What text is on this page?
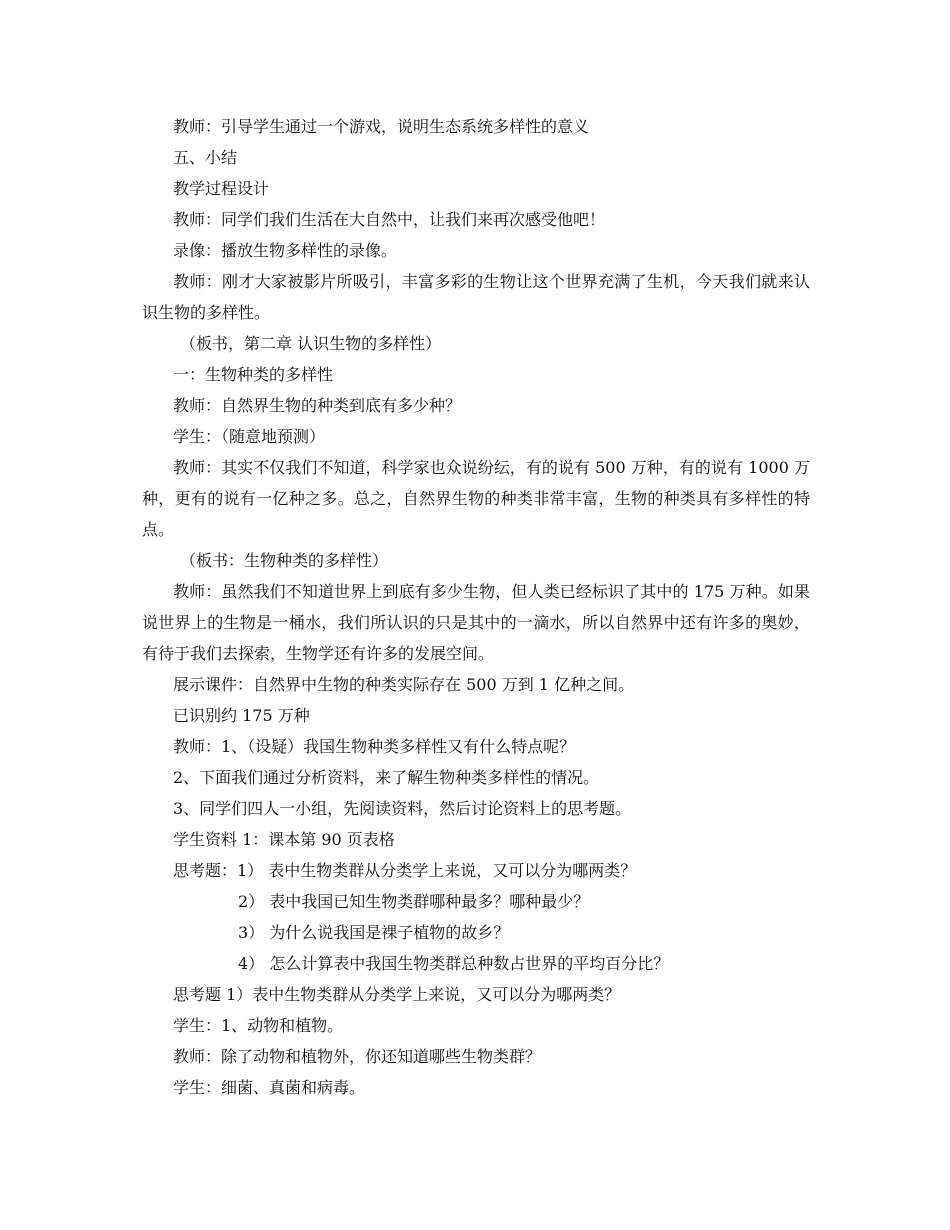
教师：引导学生通过一个游戏，说明生态系统多样性的意义
五、小结
教学过程设计
教师：同学们我们生活在大自然中，让我们来再次感受他吧！
录像：播放生物多样性的录像。
教师：刚才大家被影片所吸引，丰富多彩的生物让这个世界充满了生机，今天我们就来认
识生物的多样性。
（板书，第二章 认识生物的多样性）
一：生物种类的多样性
教师：自然界生物的种类到底有多少种？
学生：（随意地预测）
教师：其实不仅我们不知道，科学家也众说纷纭，有的说有 500 万种，有的说有 1000 万
种，更有的说有一亿种之多。总之，自然界生物的种类非常丰富，生物的种类具有多样性的特
点。
（板书：生物种类的多样性）
教师：虽然我们不知道世界上到底有多少生物，但人类已经标识了其中的 175 万种。如果
说世界上的生物是一桶水，我们所认识的只是其中的一滴水，所以自然界中还有许多的奥妙，
有待于我们去探索，生物学还有许多的发展空间。
展示课件：自然界中生物的种类实际存在 500 万到 1 亿种之间。
已识别约 175 万种
教师：1、（设疑）我国生物种类多样性又有什么特点呢？
2、下面我们通过分析资料，来了解生物种类多样性的情况。
3、同学们四人一小组，先阅读资料，然后讨论资料上的思考题。
学生资料 1：课本第 90 页表格
思考题：1） 表中生物类群从分类学上来说，又可以分为哪两类？
2） 表中我国已知生物类群哪种最多？哪种最少？
3） 为什么说我国是裸子植物的故乡？
4） 怎么计算表中我国生物类群总种数占世界的平均百分比？
思考题 1）表中生物类群从分类学上来说，又可以分为哪两类？
学生：1、动物和植物。
教师：除了动物和植物外，你还知道哪些生物类群？
学生：细菌、真菌和病毒。
